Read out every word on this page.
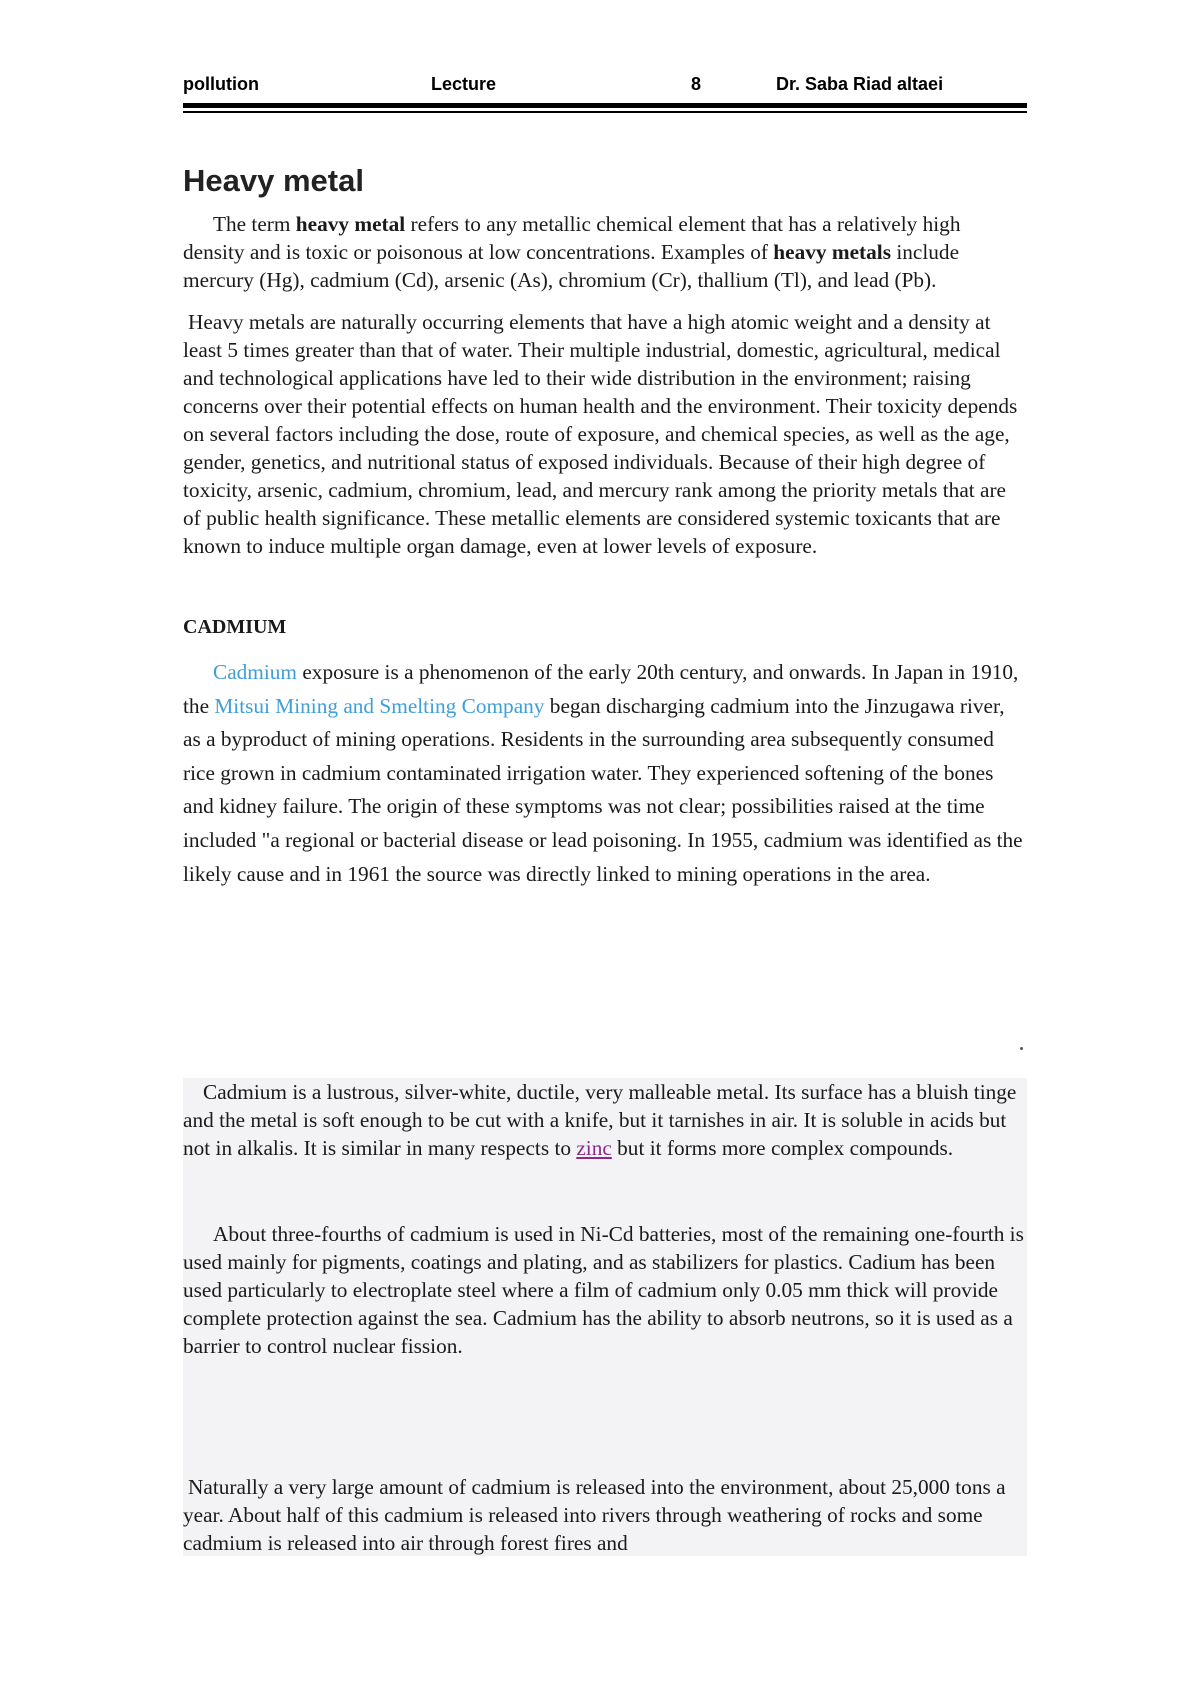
pollution	Lecture	8	Dr. Saba Riad altaei
Heavy metal

The term heavy metal refers to any metallic chemical element that has a relatively high density and is toxic or poisonous at low concentrations. Examples of heavy metals include mercury (Hg), cadmium (Cd), arsenic (As), chromium (Cr), thallium (Tl), and lead (Pb).

Heavy metals are naturally occurring elements that have a high atomic weight and a density at least 5 times greater than that of water. Their multiple industrial, domestic, agricultural, medical and technological applications have led to their wide distribution in the environment; raising concerns over their potential effects on human health and the environment. Their toxicity depends on several factors including the dose, route of exposure, and chemical species, as well as the age, gender, genetics, and nutritional status of exposed individuals. Because of their high degree of toxicity, arsenic, cadmium, chromium, lead, and mercury rank among the priority metals that are of public health significance. These metallic elements are considered systemic toxicants that are known to induce multiple organ damage, even at lower levels of exposure.

CADMIUM

Cadmium exposure is a phenomenon of the early 20th century, and onwards. In Japan in 1910, the Mitsui Mining and Smelting Company began discharging cadmium into the Jinzugawa river, as a byproduct of mining operations. Residents in the surrounding area subsequently consumed rice grown in cadmium contaminated irrigation water. They experienced softening of the bones and kidney failure. The origin of these symptoms was not clear; possibilities raised at the time included "a regional or bacterial disease or lead poisoning. In 1955, cadmium was identified as the likely cause and in 1961 the source was directly linked to mining operations in the area.

Cadmium is a lustrous, silver-white, ductile, very malleable metal. Its surface has a bluish tinge and the metal is soft enough to be cut with a knife, but it tarnishes in air. It is soluble in acids but not in alkalis. It is similar in many respects to zinc but it forms more complex compounds.

About three-fourths of cadmium is used in Ni-Cd batteries, most of the remaining one-fourth is used mainly for pigments, coatings and plating, and as stabilizers for plastics. Cadium has been used particularly to electroplate steel where a film of cadmium only 0.05 mm thick will provide complete protection against the sea. Cadmium has the ability to absorb neutrons, so it is used as a barrier to control nuclear fission.

Naturally a very large amount of cadmium is released into the environment, about 25,000 tons a year. About half of this cadmium is released into rivers through weathering of rocks and some cadmium is released into air through forest fires and
